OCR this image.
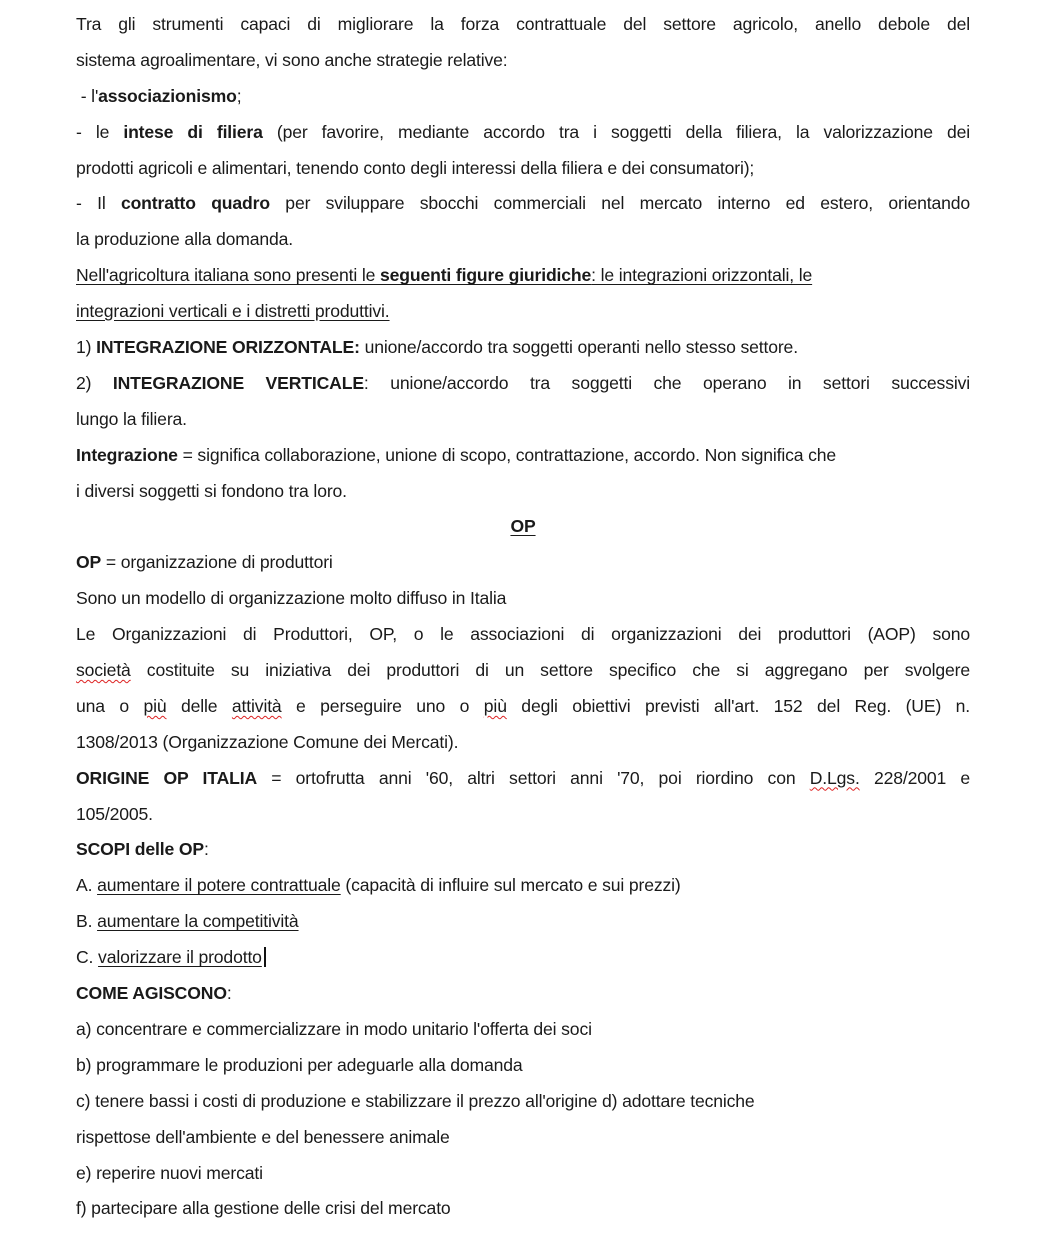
Tra gli strumenti capaci di migliorare la forza contrattuale del settore agricolo, anello debole del
sistema agroalimentare, vi sono anche strategie relative:
- l'associazionismo;
- le intese di filiera (per favorire, mediante accordo tra i soggetti della filiera, la valorizzazione dei
prodotti agricoli e alimentari, tenendo conto degli interessi della filiera e dei consumatori);
- Il contratto quadro per sviluppare sbocchi commerciali nel mercato interno ed estero, orientando
la produzione alla domanda.
Nell'agricoltura italiana sono presenti le seguenti figure giuridiche: le integrazioni orizzontali, le
integrazioni verticali e i distretti produttivi.
1) INTEGRAZIONE ORIZZONTALE: unione/accordo tra soggetti operanti nello stesso settore.
2) INTEGRAZIONE VERTICALE: unione/accordo tra soggetti che operano in settori successivi
lungo la filiera.
Integrazione = significa collaborazione, unione di scopo, contrattazione, accordo. Non significa che
i diversi soggetti si fondono tra loro.
OP
OP = organizzazione di produttori
Sono un modello di organizzazione molto diffuso in Italia
Le Organizzazioni di Produttori, OP, o le associazioni di organizzazioni dei produttori (AOP) sono
società costituite su iniziativa dei produttori di un settore specifico che si aggregano per svolgere
una o più delle attività e perseguire uno o più degli obiettivi previsti all'art. 152 del Reg. (UE) n.
1308/2013 (Organizzazione Comune dei Mercati).
ORIGINE OP ITALIA = ortofrutta anni '60, altri settori anni '70, poi riordino con D.Lgs. 228/2001 e
105/2005.
SCOPI delle OP:
A. aumentare il potere contrattuale (capacità di influire sul mercato e sui prezzi)
B. aumentare la competitività
C. valorizzare il prodotto
COME AGISCONO:
a) concentrare e commercializzare in modo unitario l'offerta dei soci
b) programmare le produzioni per adeguarle alla domanda
c) tenere bassi i costi di produzione e stabilizzare il prezzo all'origine d) adottare tecniche
rispettose dell'ambiente e del benessere animale
e) reperire nuovi mercati
f) partecipare alla gestione delle crisi del mercato
